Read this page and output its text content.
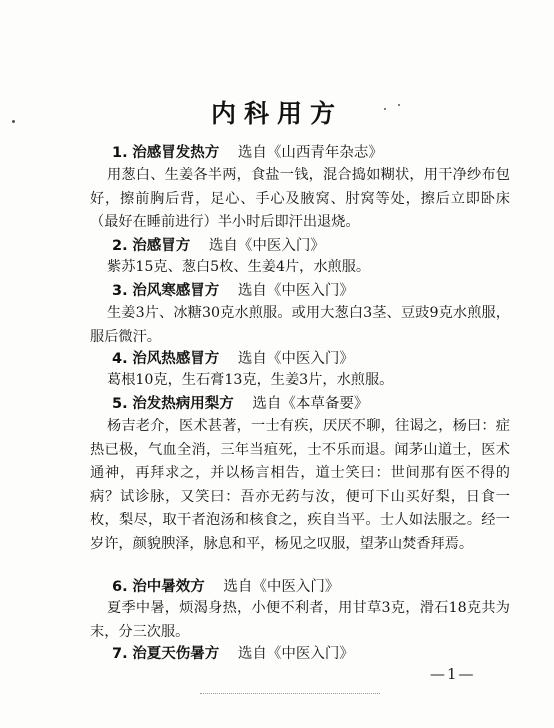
内科用方
1. 治感冒发热方 选自《山西青年杂志》
用葱白、生姜各半两，食盐一钱，混合捣如糊状，用干净纱布包好，擦前胸后背，足心、手心及腋窝、肘窝等处，擦后立即卧床（最好在睡前进行）半小时后即汗出退烧。
2. 治感冒方 选自《中医入门》
紫苏15克、葱白5枚、生姜4片，水煎服。
3. 治风寒感冒方 选自《中医入门》
生姜3片、冰糖30克水煎服。或用大葱白3茎、豆豉9克水煎服，服后微汗。
4. 治风热感冒方 选自《中医入门》
葛根10克，生石膏13克，生姜3片，水煎服。
5. 治发热病用梨方 选自《本草备要》
杨吉老介，医术甚著，一士有疾，厌厌不聊，往谒之，杨曰：症热已极，气血全消，三年当疽死，士不乐而退。闻茅山道士，医术通神，再拜求之，并以杨言相告，道士笑曰：世间那有医不得的病？试诊脉，又笑曰：吾亦无药与汝，便可下山买好梨，日食一枚，梨尽，取干者泡汤和核食之，疾自当平。士人如法服之。经一岁许，颜貌腴泽，脉息和平，杨见之叹服，望茅山焚香拜焉。
6. 治中暑效方 选自《中医入门》
夏季中暑，烦渴身热，小便不利者，用甘草3克，滑石18克共为末，分三次服。
7. 治夏天伤暑方 选自《中医入门》
—1—
